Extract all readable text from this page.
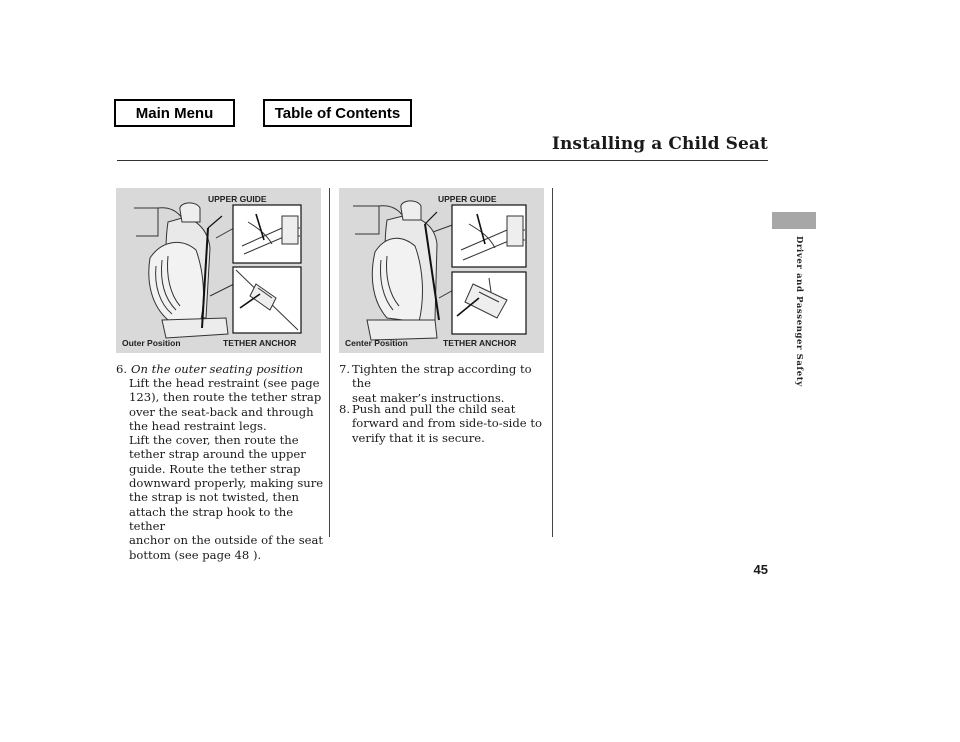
Main Menu	Table of Contents
Installing a Child Seat
Driver and Passenger Safety
UPPER GUIDE
Outer Position	TETHER ANCHOR
UPPER GUIDE
Center Position	TETHER ANCHOR
6. On the outer seating position
Lift the head restraint (see page
123), then route the tether strap
over the seat-back and through
the head restraint legs.
Lift the cover, then route the
tether strap around the upper
guide. Route the tether strap
downward properly, making sure
the strap is not twisted, then
attach the strap hook to the tether
anchor on the outside of the seat
bottom (see page 48 ).
7. Tighten the strap according to the
seat maker’s instructions.
8. Push and pull the child seat
forward and from side-to-side to
verify that it is secure.
45
